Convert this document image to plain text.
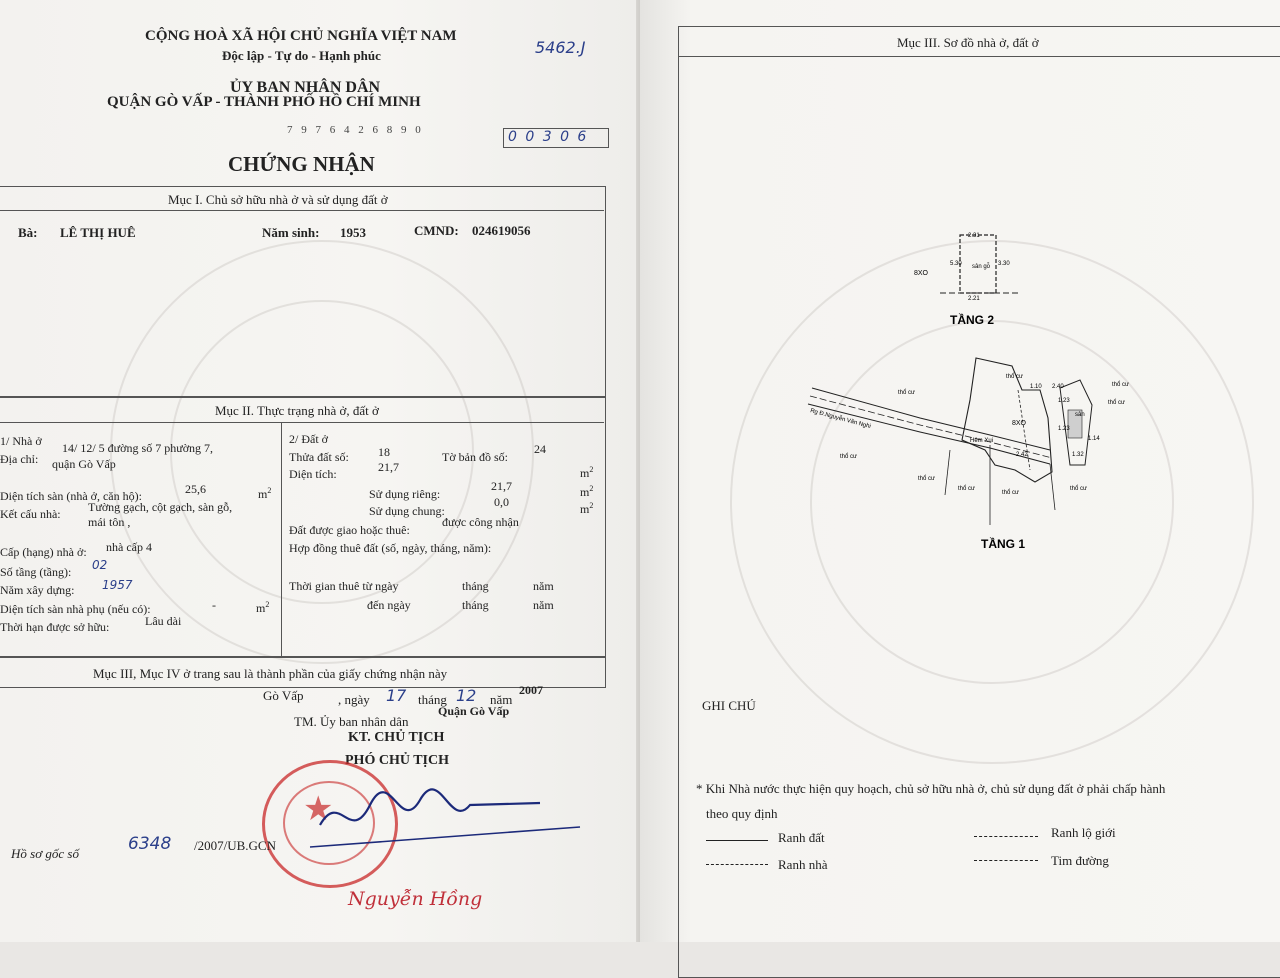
CỘNG HOÀ XÃ HỘI CHỦ NGHĨA VIỆT NAM
Độc lập - Tự do - Hạnh phúc	5462.J
ỦY BAN NHÂN DÂN
QUẬN GÒ VẤP - THÀNH PHỐ HỒ CHÍ MINH
7 9 7 6 4 2 6 8 9 0	0 0 3 0 6
CHỨNG NHẬN
Mục I. Chủ sở hữu nhà ở và sử dụng đất ở
Bà: LÊ THỊ HUÊ	Năm sinh: 1953	CMND: 024619056
Mục II. Thực trạng nhà ở, đất ở
1/ Nhà ở
Địa chỉ:
14/ 12/ 5 đường số 7 phường 7,
quận Gò Vấp
Diện tích sàn (nhà ở, căn hộ):	25,6	$m^2$
Kết cấu nhà: Tường gạch, cột gạch, sàn gỗ,
mái tôn ,
Cấp (hạng) nhà ở: nhà cấp 4
Số tầng (tầng): 02
Năm xây dựng: 1957
Diện tích sàn nhà phụ (nếu có):	-	$m^2$
Thời hạn được sở hữu:	Lâu dài
2/ Đất ở
Thửa đất số: 18	Tờ bản đồ số:
24
Diện tích:	21,7	$m^2$
Sử dụng riêng:
21,7	$m^2$
Sử dụng chung:
0,0	$m^2$
Đất được giao hoặc thuê:
được công nhận
Hợp đồng thuê đất (số, ngày, tháng, năm):
Thời gian thuê từ ngày	tháng	năm
đến ngày	tháng	năm
Mục III, Mục IV ở trang sau là thành phần của giấy chứng nhận này
Gò Vấp	, ngày 17 tháng 12 năm
2007
Quận Gò Vấp
TM. Ủy ban nhân dân
KT. CHỦ TỊCH
PHÓ CHỦ TỊCH
★
Nguyễn Hồng
Hồ sơ gốc số	6348 /2007/UB.GCN
Mục III. Sơ đồ nhà ở, đất ở
sân gỗ
8XO
2.31
5.30	3.30
2.21
TẦNG 2
Rg Đ.Nguyễn Văn Nghi
Hẻm Xui
8XO
sân
1.10 2.40
1.23
1.23
1.14
2.42	1.32
thổ cư
thổ cư
thổ cư
thổ cư
thổ cư
thổ cư
thổ cư
thổ cư
thổ cư
TẦNG 1
GHI CHÚ
* Khi Nhà nước thực hiện quy hoạch, chủ sở hữu nhà ở, chủ sử dụng đất ở phải chấp hành
theo quy định
Ranh đất
Ranh nhà
Ranh lộ giới
Tim đường
